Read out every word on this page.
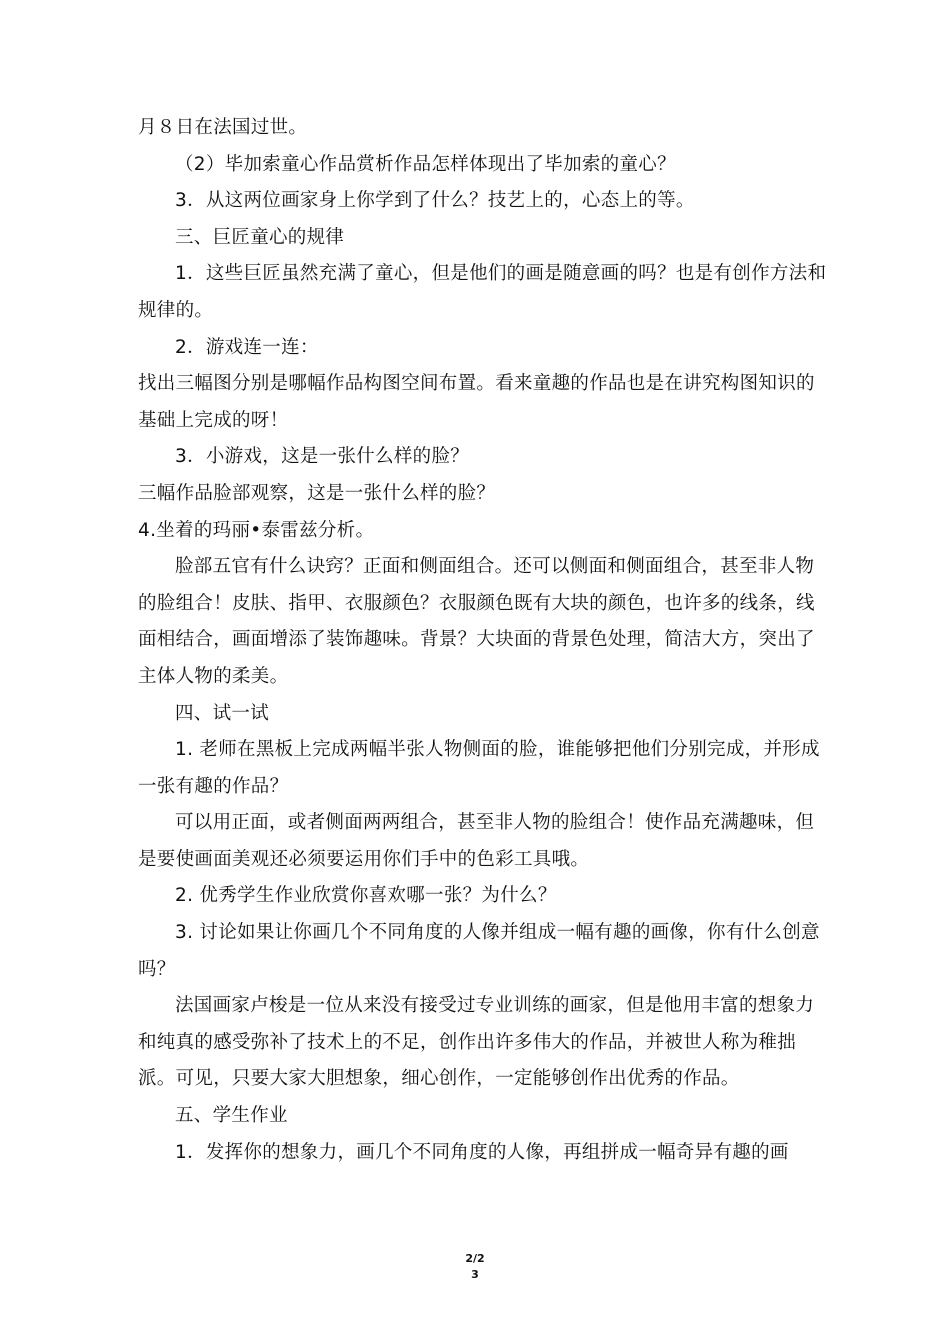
月８日在法国过世。

（2）毕加索童心作品赏析作品怎样体现出了毕加索的童心？

3．从这两位画家身上你学到了什么？技艺上的，心态上的等。

三、巨匠童心的规律

1．这些巨匠虽然充满了童心，但是他们的画是随意画的吗？也是有创作方法和规律的。

2．游戏连一连：

找出三幅图分别是哪幅作品构图空间布置。看来童趣的作品也是在讲究构图知识的基础上完成的呀！

3．小游戏，这是一张什么样的脸？

三幅作品脸部观察，这是一张什么样的脸？

4.坐着的玛丽•泰雷兹分析。

脸部五官有什么诀窍？正面和侧面组合。还可以侧面和侧面组合，甚至非人物的脸组合！皮肤、指甲、衣服颜色？衣服颜色既有大块的颜色，也许多的线条，线面相结合，画面增添了装饰趣味。背景？大块面的背景色处理，简洁大方，突出了主体人物的柔美。

四、试一试

1. 老师在黑板上完成两幅半张人物侧面的脸，谁能够把他们分别完成，并形成一张有趣的作品？

可以用正面，或者侧面两两组合，甚至非人物的脸组合！使作品充满趣味，但是要使画面美观还必须要运用你们手中的色彩工具哦。

2. 优秀学生作业欣赏你喜欢哪一张？为什么？

3. 讨论如果让你画几个不同角度的人像并组成一幅有趣的画像，你有什么创意吗？

法国画家卢梭是一位从来没有接受过专业训练的画家，但是他用丰富的想象力和纯真的感受弥补了技术上的不足，创作出许多伟大的作品，并被世人称为稚拙派。可见，只要大家大胆想象，细心创作，一定能够创作出优秀的作品。

五、学生作业

1．发挥你的想象力，画几个不同角度的人像，再组拼成一幅奇异有趣的画

2/2
3
